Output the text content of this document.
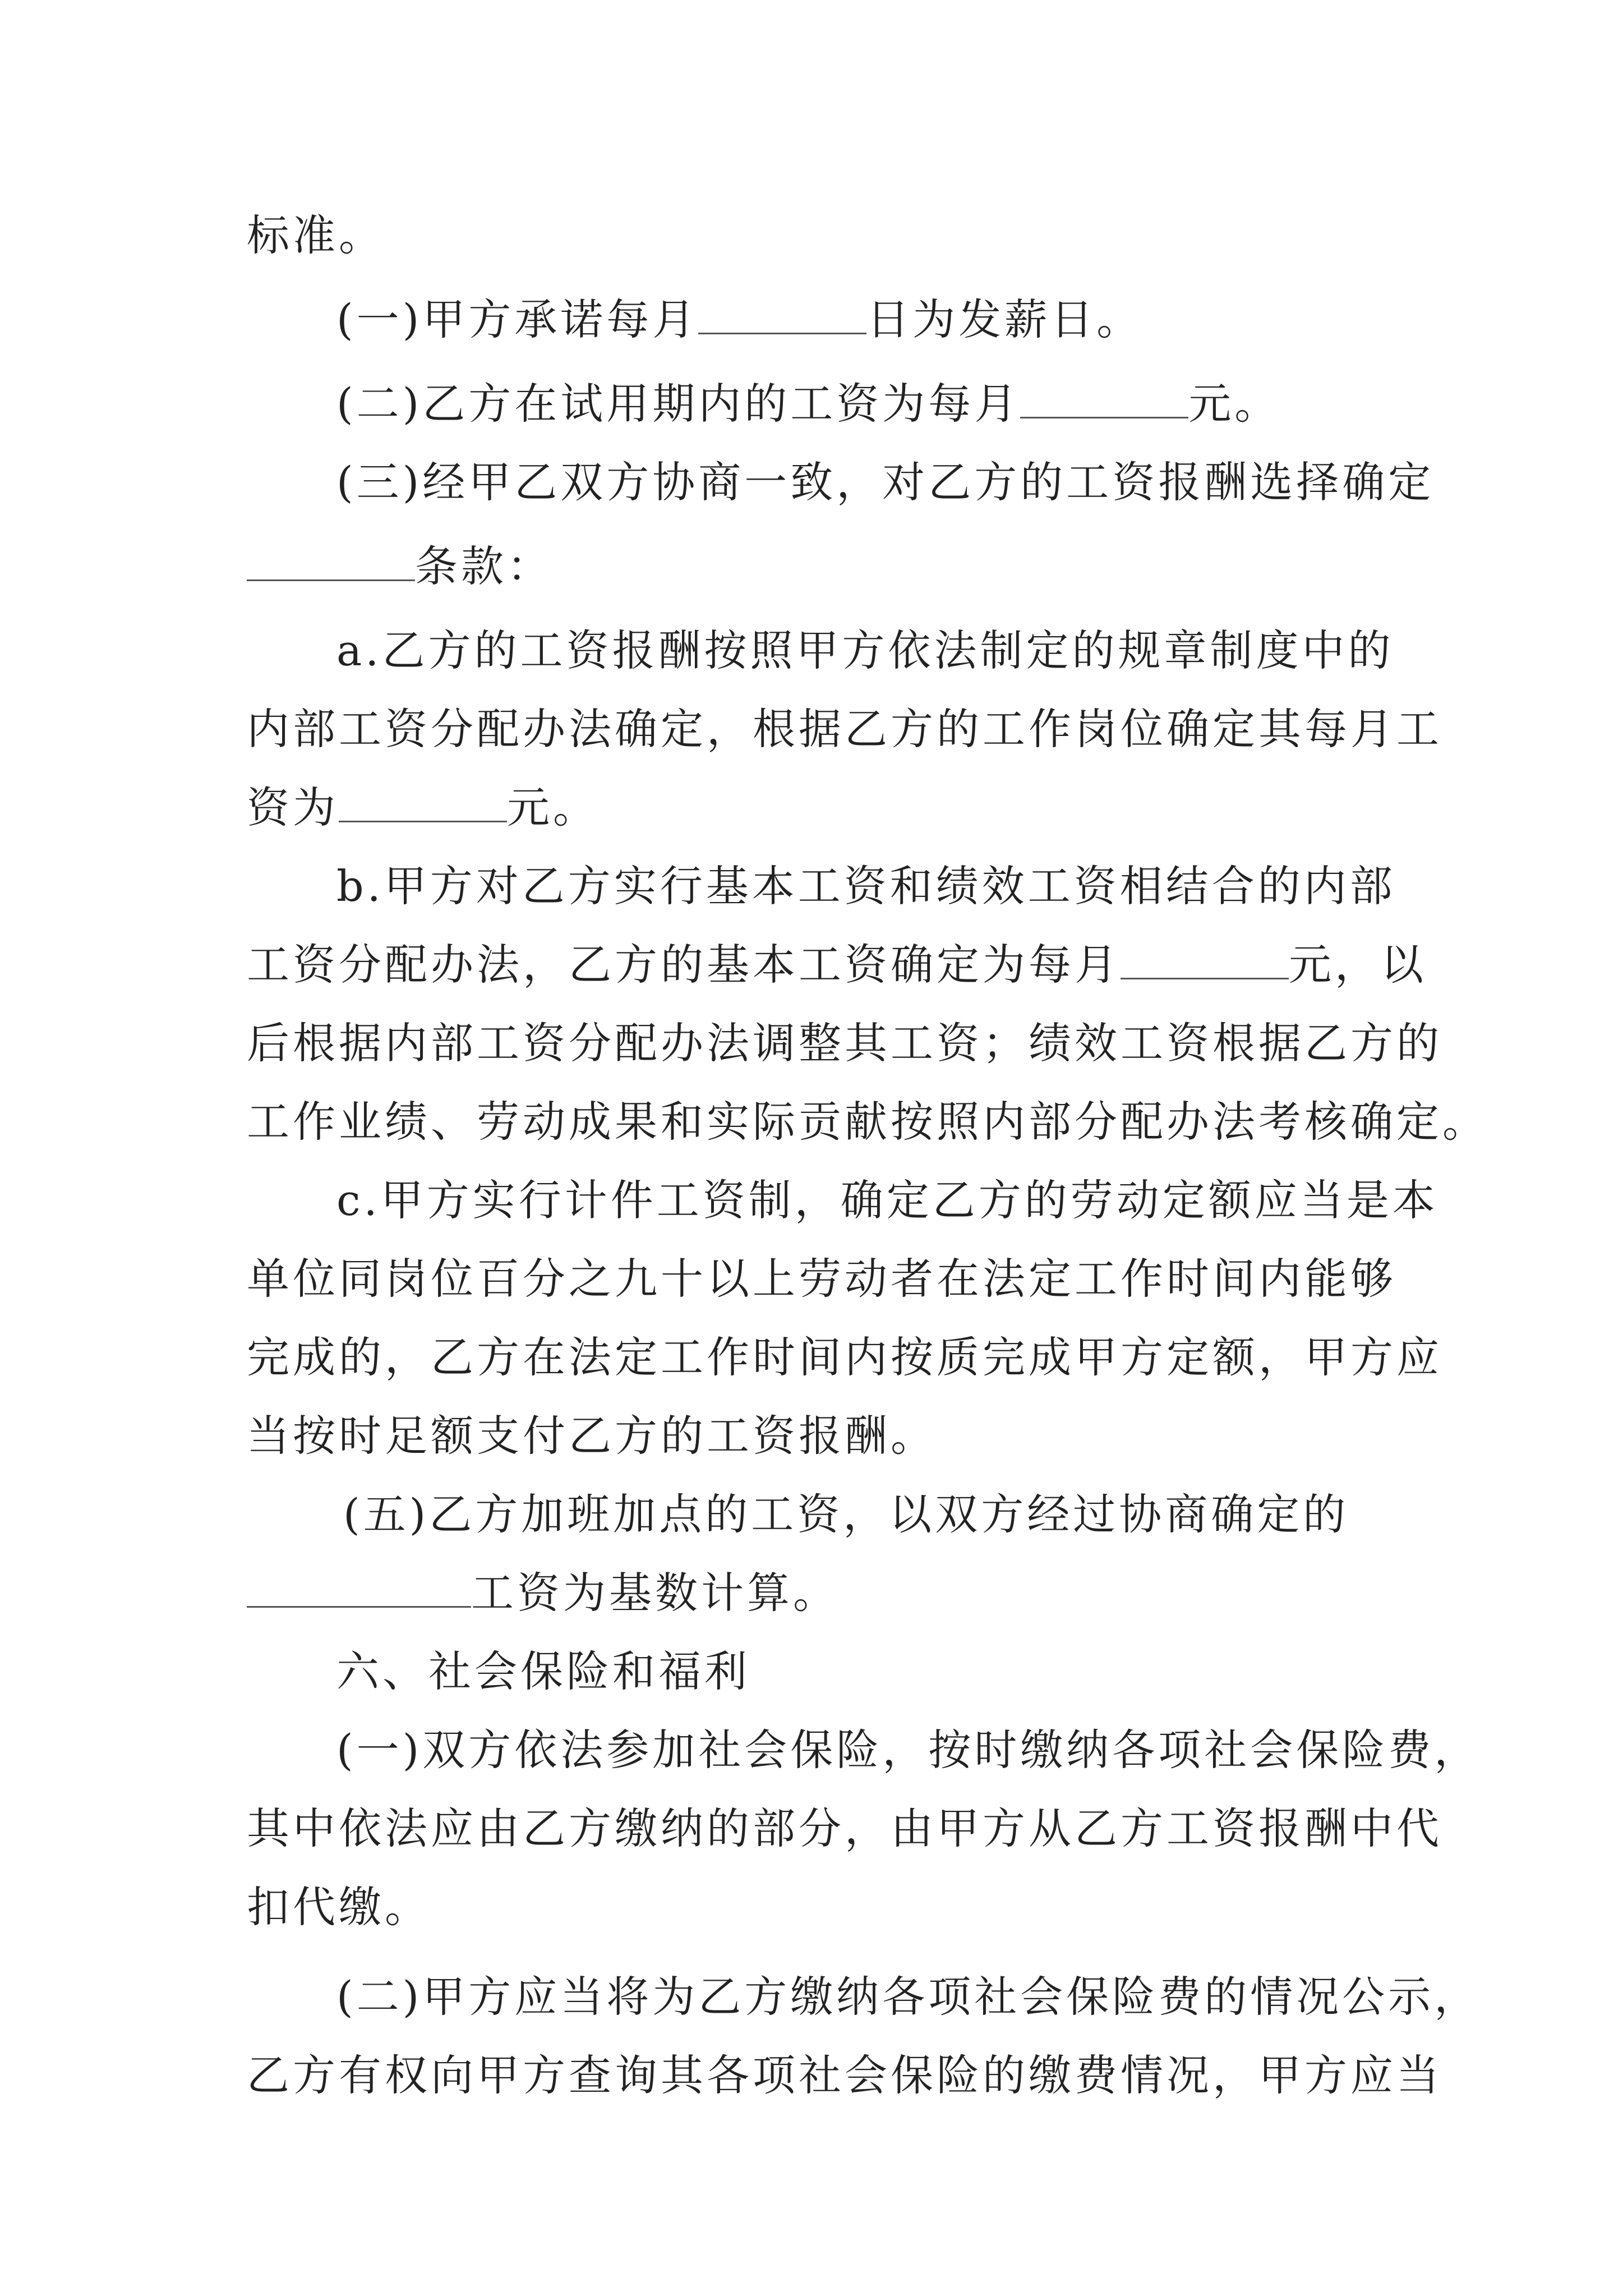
标准。

(一)甲方承诺每月	日为发薪日。

(二)乙方在试用期内的工资为每月	元。

(三)经甲乙双方协商一致，对乙方的工资报酬选择确定

条款：

a.乙方的工资报酬按照甲方依法制定的规章制度中的

内部工资分配办法确定，根据乙方的工作岗位确定其每月工

资为	元。

b.甲方对乙方实行基本工资和绩效工资相结合的内部

工资分配办法，乙方的基本工资确定为每月	元，以

后根据内部工资分配办法调整其工资；绩效工资根据乙方的

工作业绩、劳动成果和实际贡献按照内部分配办法考核确定。

c.甲方实行计件工资制，确定乙方的劳动定额应当是本

单位同岗位百分之九十以上劳动者在法定工作时间内能够

完成的，乙方在法定工作时间内按质完成甲方定额，甲方应

当按时足额支付乙方的工资报酬。

(五)乙方加班加点的工资，以双方经过协商确定的

工资为基数计算。

六、社会保险和福利

(一)双方依法参加社会保险，按时缴纳各项社会保险费，

其中依法应由乙方缴纳的部分，由甲方从乙方工资报酬中代

扣代缴。

(二)甲方应当将为乙方缴纳各项社会保险费的情况公示，

乙方有权向甲方查询其各项社会保险的缴费情况，甲方应当
